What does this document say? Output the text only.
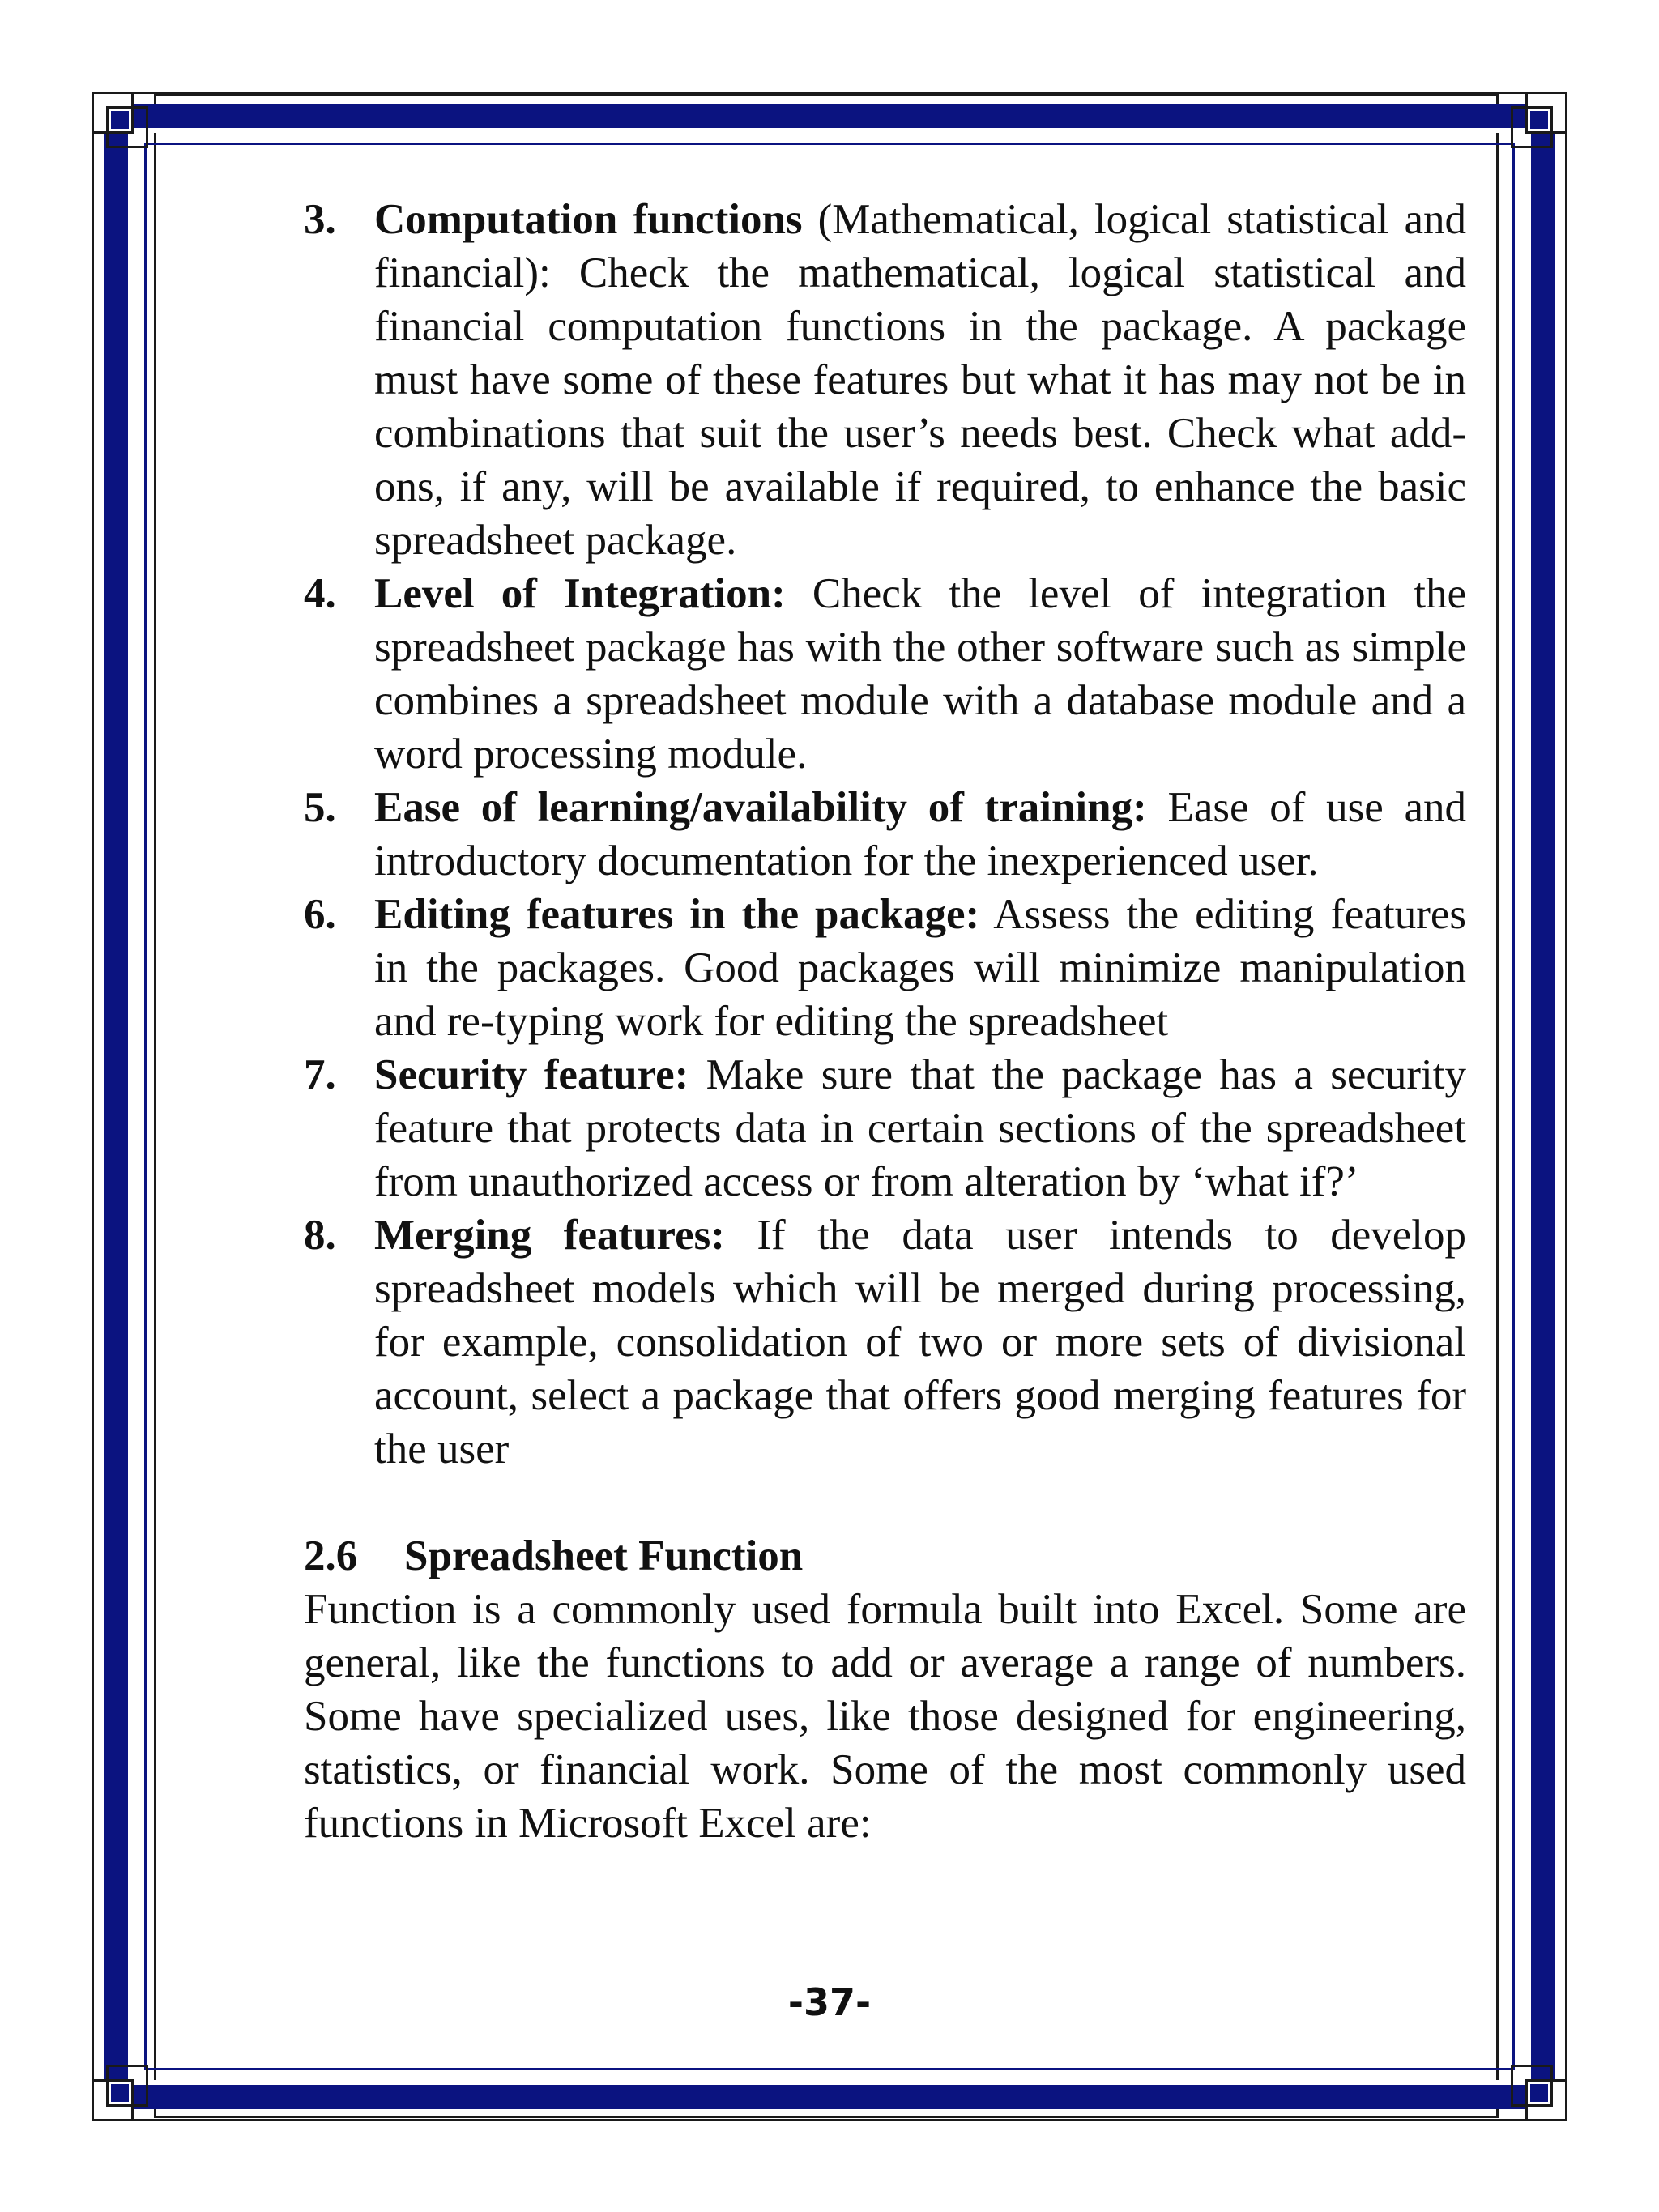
3. Computation functions (Mathematical, logical statistical and financial): Check the mathematical, logical statistical and financial computation functions in the package. A package must have some of these features but what it has may not be in combinations that suit the user’s needs best. Check what add-ons, if any, will be available if required, to enhance the basic spreadsheet package.
4. Level of Integration: Check the level of integration the spreadsheet package has with the other software such as simple combines a spreadsheet module with a database module and a word processing module.
5. Ease of learning/availability of training: Ease of use and introductory documentation for the inexperienced user.
6. Editing features in the package: Assess the editing features in the packages. Good packages will minimize manipulation and re-typing work for editing the spreadsheet
7. Security feature: Make sure that the package has a security feature that protects data in certain sections of the spreadsheet from unauthorized access or from alteration by ‘what if?’
8. Merging features: If the data user intends to develop spreadsheet models which will be merged during processing, for example, consolidation of two or more sets of divisional account, select a package that offers good merging features for the user
2.6 Spreadsheet Function
Function is a commonly used formula built into Excel. Some are general, like the functions to add or average a range of numbers. Some have specialized uses, like those designed for engineering, statistics, or financial work. Some of the most commonly used functions in Microsoft Excel are:
-37-
